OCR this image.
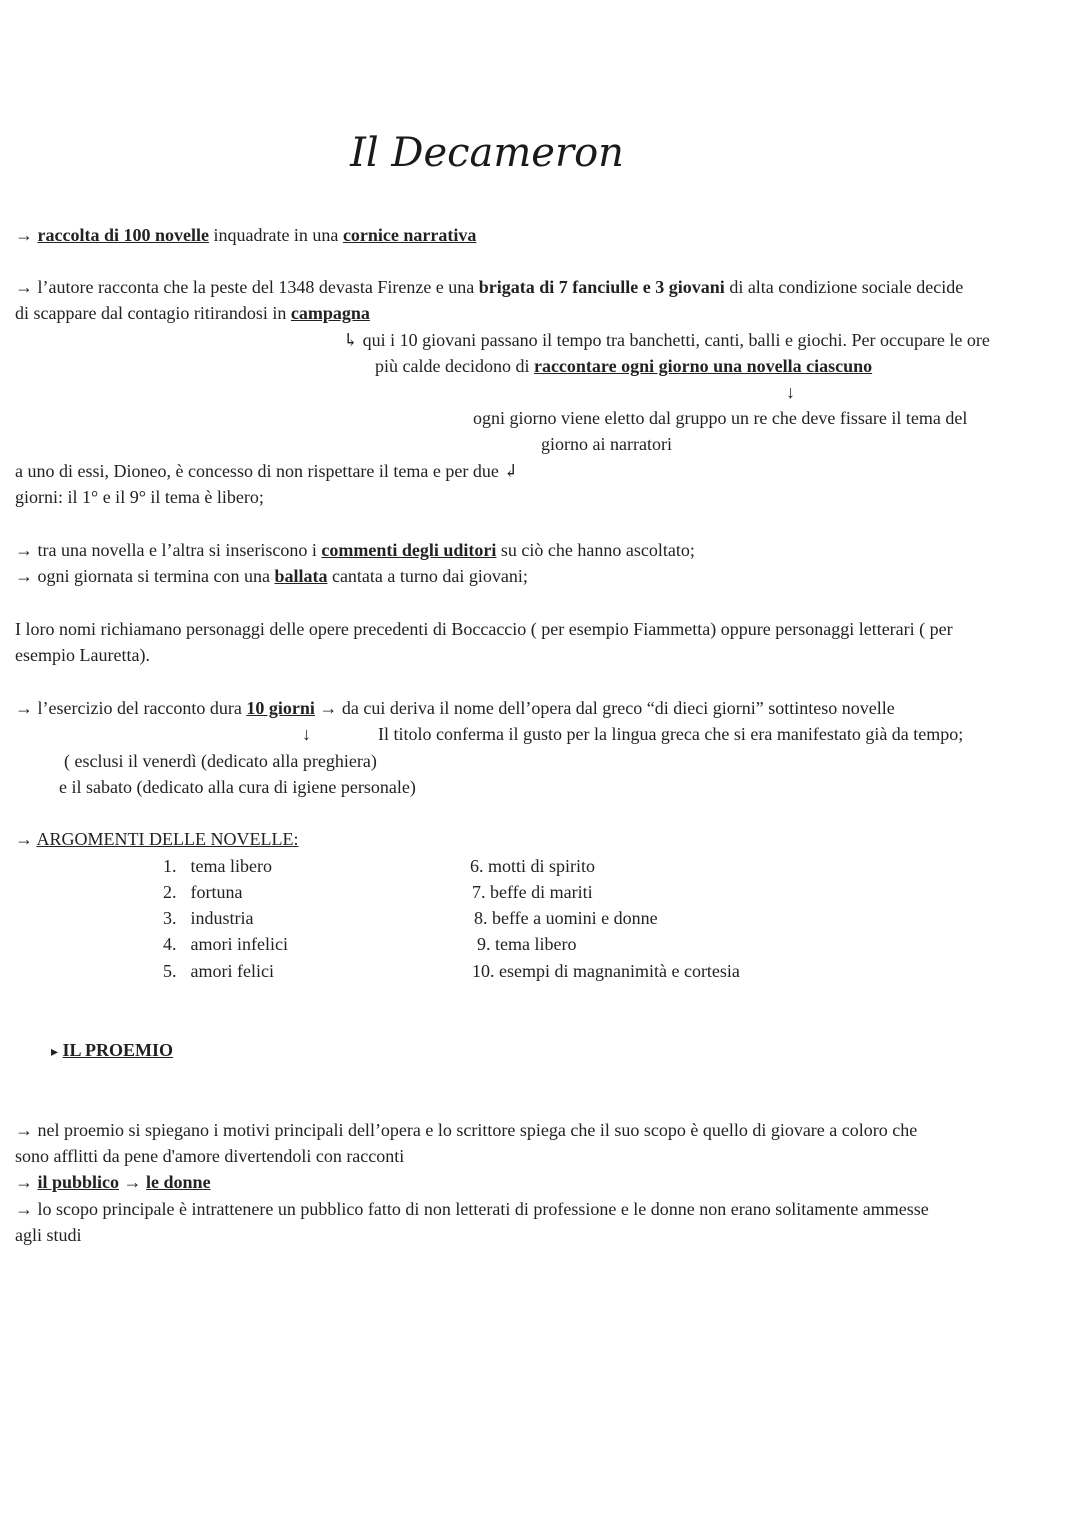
Il Decameron
→ raccolta di 100 novelle inquadrate in una cornice narrativa
→ l’autore racconta che la peste del 1348 devasta Firenze e una brigata di 7 fanciulle e 3 giovani di alta condizione sociale decide
di scappare dal contagio ritirandosi in campagna
↳ qui i 10 giovani passano il tempo tra banchetti, canti, balli e giochi. Per occupare le ore
più calde decidono di raccontare ogni giorno una novella ciascuno
↓
ogni giorno viene eletto dal gruppo un re che deve fissare il tema del
giorno ai narratori
a uno di essi, Dioneo, è concesso di non rispettare il tema e per due ↲
giorni: il 1° e il 9° il tema è libero;
→ tra una novella e l’altra si inseriscono i commenti degli uditori su ciò che hanno ascoltato;
→ ogni giornata si termina con una ballata cantata a turno dai giovani;
I loro nomi richiamano personaggi delle opere precedenti di Boccaccio ( per esempio Fiammetta) oppure personaggi letterari ( per
esempio Lauretta).
→ l’esercizio del racconto dura 10 giorni → da cui deriva il nome dell’opera dal greco “di dieci giorni” sottinteso novelle
↓	Il titolo conferma il gusto per la lingua greca che si era manifestato già da tempo;
( esclusi il venerdì (dedicato alla preghiera)
e il sabato (dedicato alla cura di igiene personale)
→ ARGOMENTI DELLE NOVELLE:
1. tema libero
2. fortuna
3. industria
4. amori infelici
5. amori felici
6. motti di spirito
7. beffe di mariti
8. beffe a uomini e donne
9. tema libero
10. esempi di magnanimità e cortesia
▸ IL PROEMIO
→ nel proemio si spiegano i motivi principali dell’opera e lo scrittore spiega che il suo scopo è quello di giovare a coloro che
sono afflitti da pene d'amore divertendoli con racconti
→ il pubblico → le donne
→ lo scopo principale è intrattenere un pubblico fatto di non letterati di professione e le donne non erano solitamente ammesse
agli studi
